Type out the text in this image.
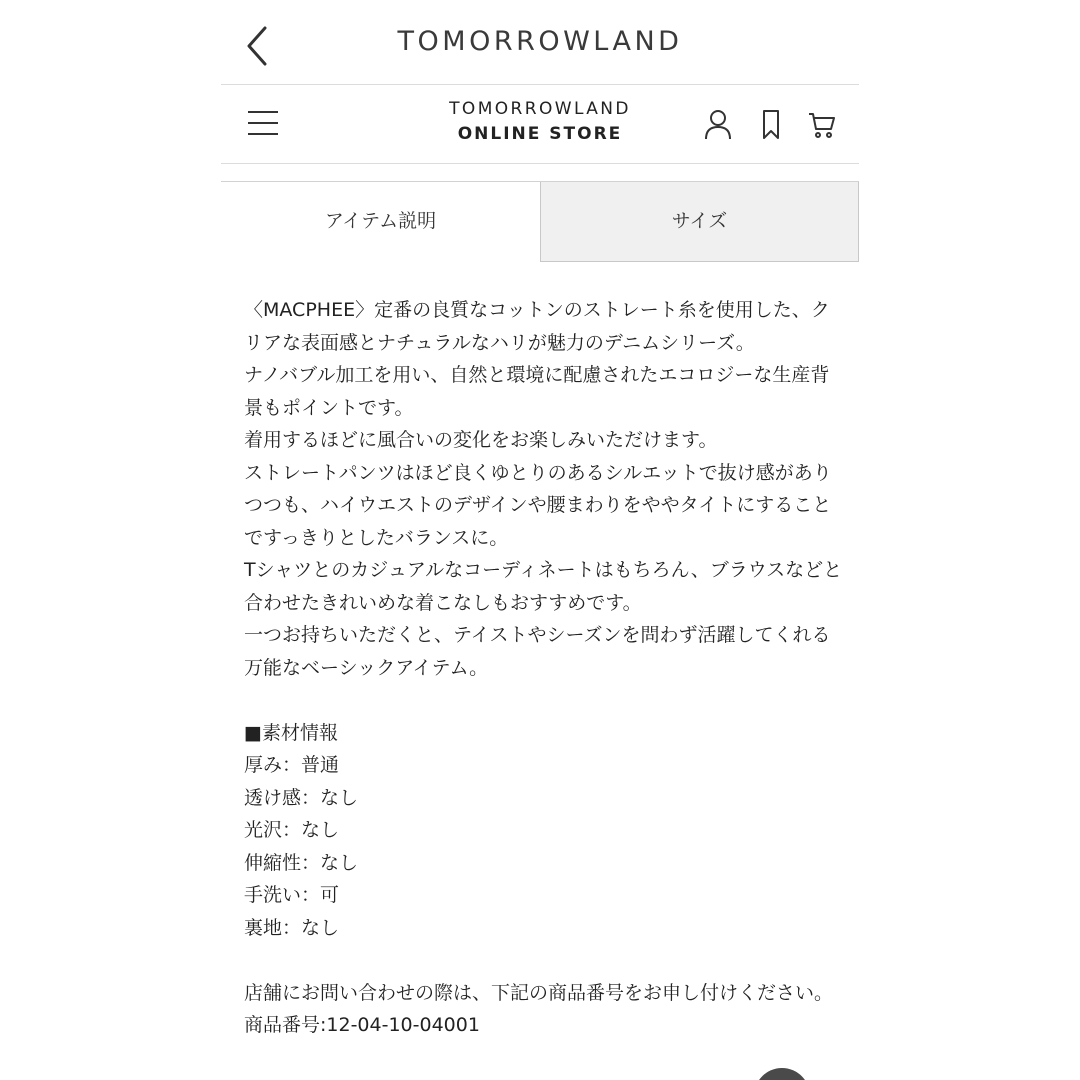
TOMORROWLAND
TOMORROWLAND
ONLINE STORE
アイテム説明	サイズ

〈MACPHEE〉定番の良質なコットンのストレート糸を使用した、クリアな表面感とナチュラルなハリが魅力のデニムシリーズ。

ナノバブル加工を用い、自然と環境に配慮されたエコロジーな生産背景もポイントです。

着用するほどに風合いの変化をお楽しみいただけます。

ストレートパンツはほど良くゆとりのあるシルエットで抜け感がありつつも、ハイウエストのデザインや腰まわりをややタイトにすることですっきりとしたバランスに。

Tシャツとのカジュアルなコーディネートはもちろん、ブラウスなどと合わせたきれいめな着こなしもおすすめです。

一つお持ちいただくと、テイストやシーズンを問わず活躍してくれる万能なベーシックアイテム。

■素材情報

厚み：普通

透け感：なし

光沢：なし

伸縮性：なし

手洗い：可

裏地：なし

店舗にお問い合わせの際は、下記の商品番号をお申し付けください。

商品番号:12-04-10-04001
